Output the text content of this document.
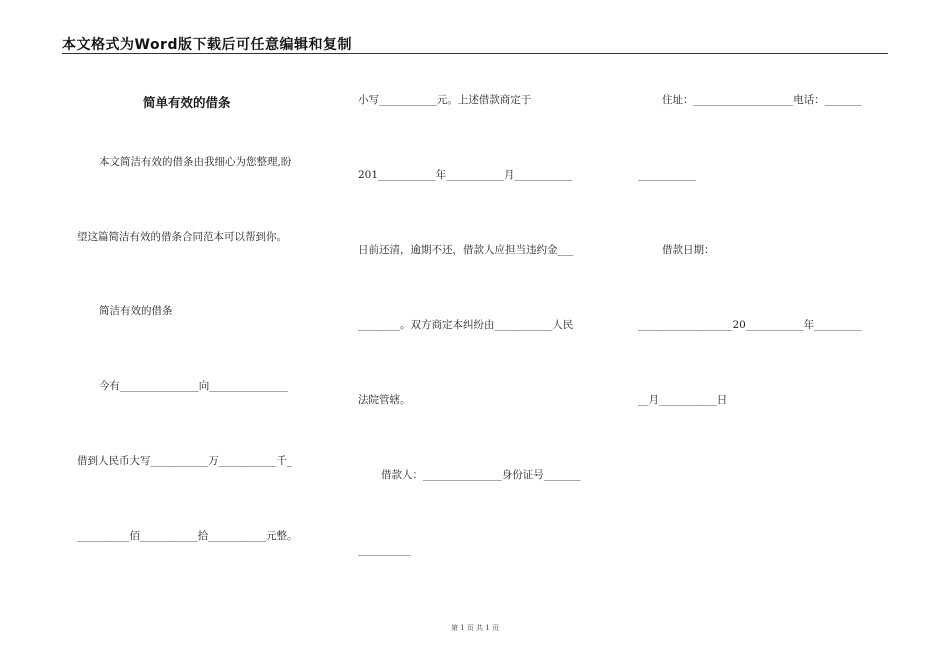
本文格式为Word版下载后可任意编辑和复制
简单有效的借条
本文简洁有效的借条由我细心为您整理,盼
望这篇简洁有效的借条合同范本可以帮到你。
简洁有效的借条
今有_______________向_______________
借到人民币大写___________万___________千_
__________佰___________拾___________元整。
小写___________元。上述借款商定于
201___________年___________月___________
日前还清，逾期不还，借款人应担当违约金___
________。双方商定本纠纷由___________人民
法院管辖。
借款人：_______________身份证号_______
__________
住址：___________________电话：_______
___________
借款日期：
__________________20___________年_________
__月___________日
第 1 页 共 1 页
